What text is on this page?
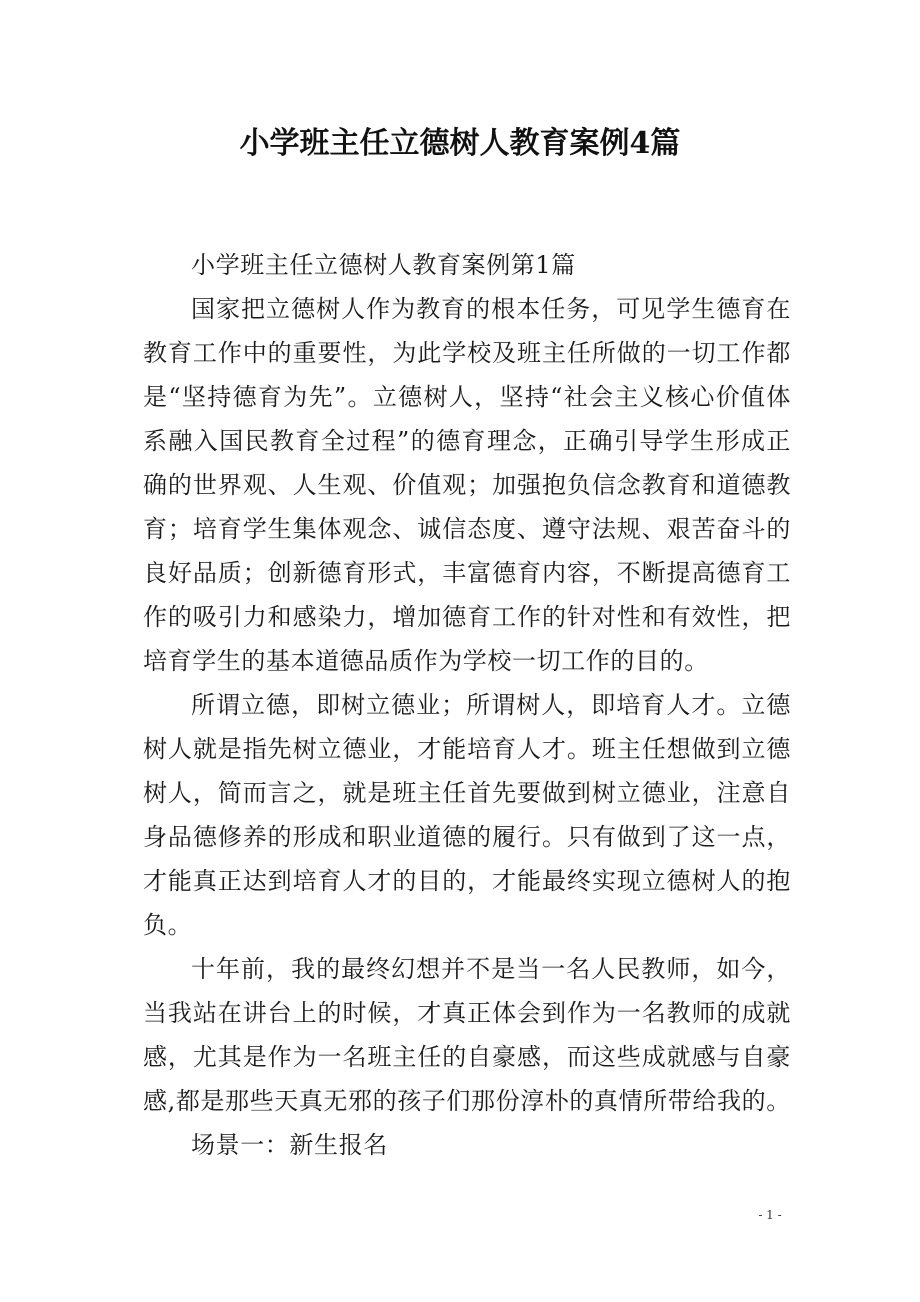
小学班主任立德树人教育案例4篇

小学班主任立德树人教育案例第1篇

国家把立德树人作为教育的根本任务，可见学生德育在教育工作中的重要性，为此学校及班主任所做的一切工作都是“坚持德育为先”。立德树人，坚持“社会主义核心价值体系融入国民教育全过程”的德育理念，正确引导学生形成正确的世界观、人生观、价值观；加强抱负信念教育和道德教育；培育学生集体观念、诚信态度、遵守法规、艰苦奋斗的良好品质；创新德育形式，丰富德育内容，不断提高德育工作的吸引力和感染力，增加德育工作的针对性和有效性，把培育学生的基本道德品质作为学校一切工作的目的。

所谓立德，即树立德业；所谓树人，即培育人才。立德树人就是指先树立德业，才能培育人才。班主任想做到立德树人，简而言之，就是班主任首先要做到树立德业，注意自身品德修养的形成和职业道德的履行。只有做到了这一点，才能真正达到培育人才的目的，才能最终实现立德树人的抱负。

十年前，我的最终幻想并不是当一名人民教师，如今，当我站在讲台上的时候，才真正体会到作为一名教师的成就感，尤其是作为一名班主任的自豪感，而这些成就感与自豪感,都是那些天真无邪的孩子们那份淳朴的真情所带给我的。

场景一：新生报名

- 1 -
